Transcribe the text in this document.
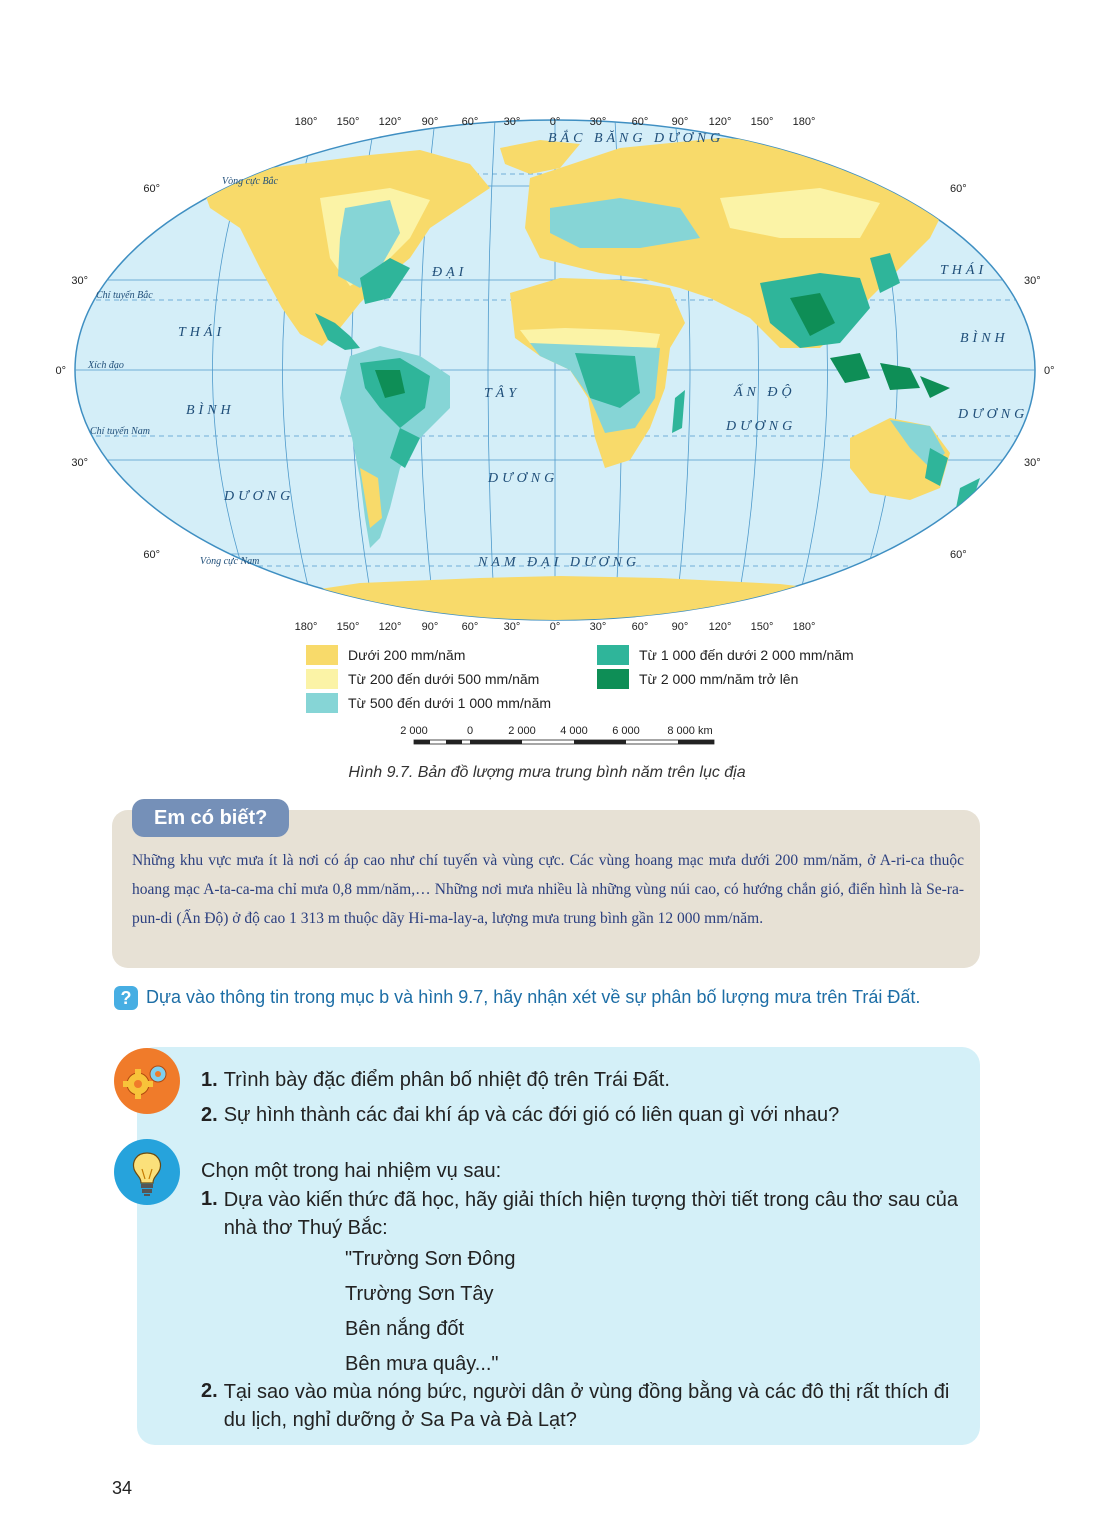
BẮC BĂNG DƯƠNG
ĐẠI
TÂY
DƯƠNG
THÁI
BÌNH
DƯƠNG
THÁI
BÌNH
DƯƠNG
ẤN ĐỘ
DƯƠNG
NAM ĐẠI DƯƠNG
Vòng cực Bắc
Chí tuyến Bắc
Xích đạo
Chí tuyến Nam
Vòng cực Nam
180° 150° 120° 90° 60° 30°	0°	30° 60° 90° 120° 150° 180°
180° 150° 120° 90° 60° 30°	0°	30° 60° 90° 120° 150° 180°
60°
30°
0°
30°
60°
60°
30°
0°
30°
60°
Dưới 200 mm/năm
Từ 200 đến dưới 500 mm/năm
Từ 500 đến dưới 1 000 mm/năm
Từ 1 000 đến dưới 2 000 mm/năm
Từ 2 000 mm/năm trở lên
2 000	0	2 000 4 000 6 000	8 000 km
Hình 9.7. Bản đồ lượng mưa trung bình năm trên lục địa
Em có biết?
Những khu vực mưa ít là nơi có áp cao như chí tuyến và vùng cực. Các vùng hoang mạc mưa dưới 200 mm/năm, ở A-ri-ca thuộc hoang mạc A-ta-ca-ma chỉ mưa 0,8 mm/năm,… Những nơi mưa nhiều là những vùng núi cao, có hướng chắn gió, điển hình là Se-ra-pun-di (Ấn Độ) ở độ cao 1 313 m thuộc dãy Hi-ma-lay-a, lượng mưa trung bình gần 12 000 mm/năm.
? Dựa vào thông tin trong mục b và hình 9.7, hãy nhận xét về sự phân bố lượng mưa trên Trái Đất.
1. Trình bày đặc điểm phân bố nhiệt độ trên Trái Đất.
2. Sự hình thành các đai khí áp và các đới gió có liên quan gì với nhau?
Chọn một trong hai nhiệm vụ sau:
1. Dựa vào kiến thức đã học, hãy giải thích hiện tượng thời tiết trong câu thơ sau của nhà thơ Thuý Bắc:
"Trường Sơn Đông
Trường Sơn Tây
Bên nắng đốt
Bên mưa quây..."
2. Tại sao vào mùa nóng bức, người dân ở vùng đồng bằng và các đô thị rất thích đi du lịch, nghỉ dưỡng ở Sa Pa và Đà Lạt?
34
